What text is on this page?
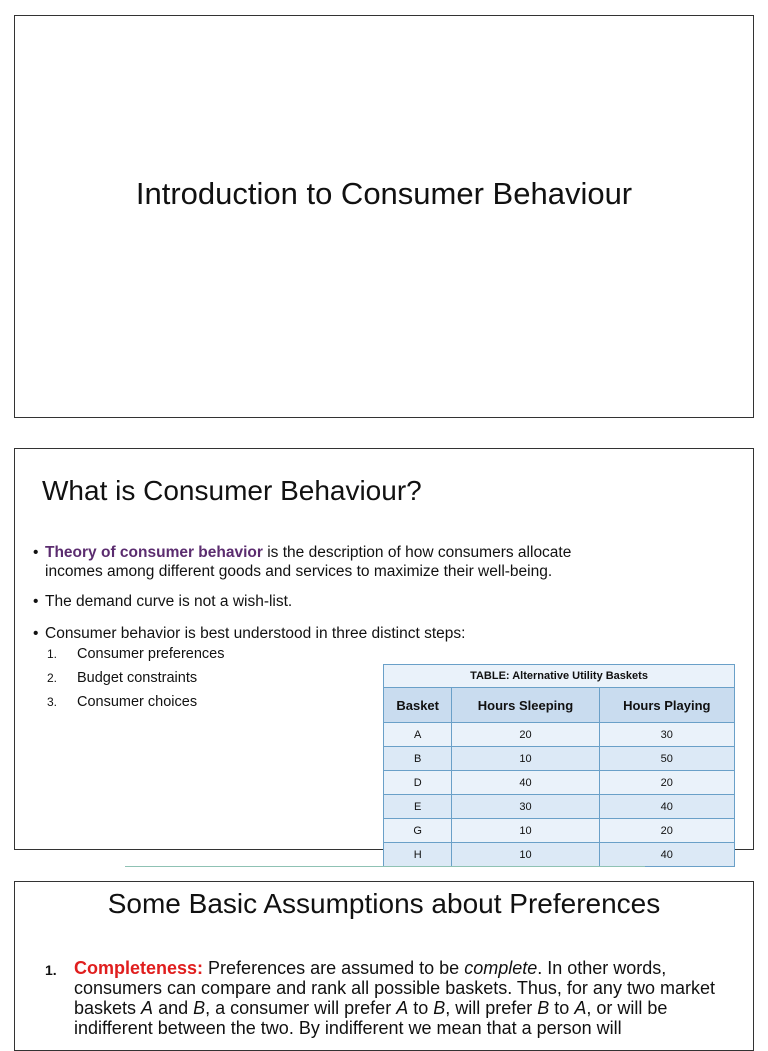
Introduction to Consumer Behaviour
What is Consumer Behaviour?
• Theory of consumer behavior is the description of how consumers allocate
incomes among different goods and services to maximize their well-being.
• The demand curve is not a wish-list.
• Consumer behavior is best understood in three distinct steps:
1. Consumer preferences
2. Budget constraints
3. Consumer choices
TABLE: Alternative Utility Baskets		
Basket	Hours Sleeping	Hours Playing
A	20	30
B	10	50
D	40	20
E	30	40
G	10	20
H	10	40
Some Basic Assumptions about Preferences
1. Completeness: Preferences are assumed to be complete. In other words, consumers can compare and rank all possible baskets. Thus, for any two market baskets A and B, a consumer will prefer A to B, will prefer B to A, or will be indifferent between the two. By indifferent we mean that a person will
